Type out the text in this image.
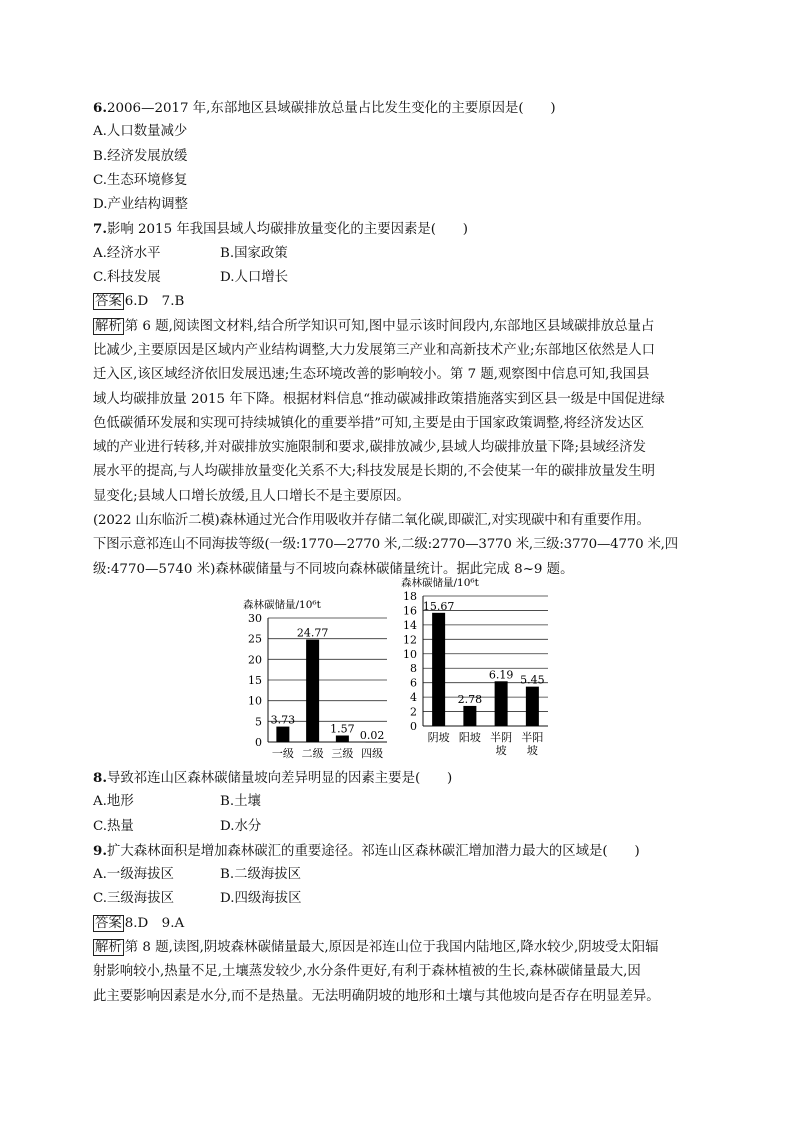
6.2006—2017 年,东部地区县域碳排放总量占比发生变化的主要原因是(　　)
A.人口数量减少
B.经济发展放缓
C.生态环境修复
D.产业结构调整
7.影响 2015 年我国县域人均碳排放量变化的主要因素是(　　)
A.经济水平	B.国家政策
C.科技发展	D.人口增长
答案 6.D　7.B
解析 第 6 题,阅读图文材料,结合所学知识可知,图中显示该时间段内,东部地区县域碳排放总量占
比减少,主要原因是区域内产业结构调整,大力发展第三产业和高新技术产业;东部地区依然是人口
迁入区,该区域经济依旧发展迅速;生态环境改善的影响较小。第 7 题,观察图中信息可知,我国县
域人均碳排放量 2015 年下降。根据材料信息“推动碳减排政策措施落实到区县一级是中国促进绿
色低碳循环发展和实现可持续城镇化的重要举措”可知,主要是由于国家政策调整,将经济发达区
域的产业进行转移,并对碳排放实施限制和要求,碳排放减少,县域人均碳排放量下降;县域经济发
展水平的提高,与人均碳排放量变化关系不大;科技发展是长期的,不会使某一年的碳排放量发生明
显变化;县域人口增长放缓,且人口增长不是主要原因。
(2022 山东临沂二模)森林通过光合作用吸收并存储二氧化碳,即碳汇,对实现碳中和有重要作用。
下图示意祁连山不同海拔等级(一级:1770—2770 米,二级:2770—3770 米,三级:3770—4770 米,四
级:4770—5740 米)森林碳储量与不同坡向森林碳储量统计。据此完成 8~9 题。
森林碳储量/10⁶t
0
5
10
15
20
25
30
3.73
一级
24.77
二级
1.57
三级
0.02
四级
森林碳储量/10⁶t
0
2
4
6
8
10
12
14
16
18
15.67
阴坡
2.78
阳坡
6.19
半阴
坡
5.45
半阳
坡
8.导致祁连山区森林碳储量坡向差异明显的因素主要是(　　)
A.地形	B.土壤
C.热量	D.水分
9.扩大森林面积是增加森林碳汇的重要途径。祁连山区森林碳汇增加潜力最大的区域是(　　)
A.一级海拔区	B.二级海拔区
C.三级海拔区	D.四级海拔区
答案 8.D　9.A
解析 第 8 题,读图,阴坡森林碳储量最大,原因是祁连山位于我国内陆地区,降水较少,阴坡受太阳辐
射影响较小,热量不足,土壤蒸发较少,水分条件更好,有利于森林植被的生长,森林碳储量最大,因
此主要影响因素是水分,而不是热量。无法明确阴坡的地形和土壤与其他坡向是否存在明显差异。
